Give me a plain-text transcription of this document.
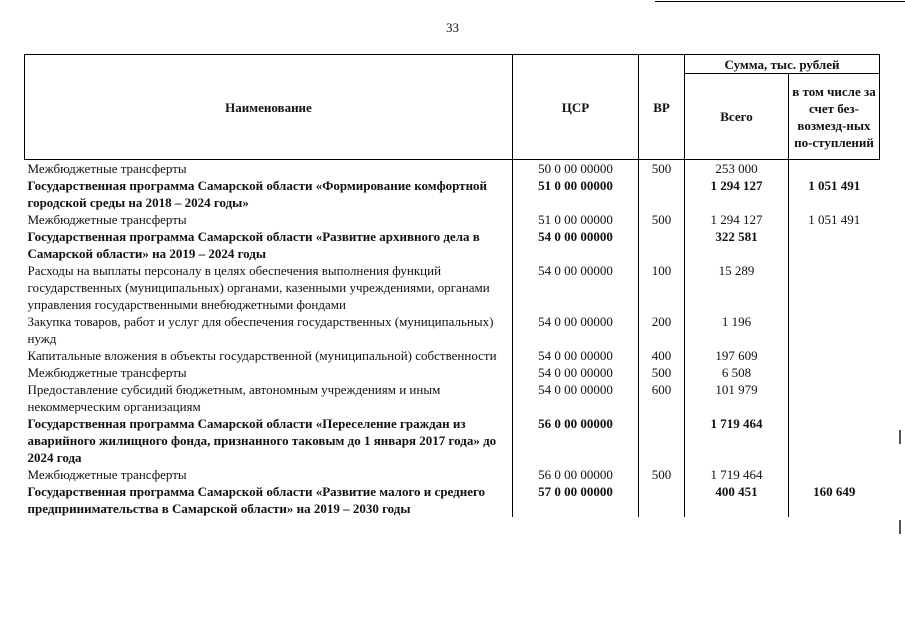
33
Наименование	ЦСР	ВР	Сумма, тыс. рублей	
			Всего	в том числе за счет без-возмезд-ных по-ступлений
Межбюджетные трансферты	50 0 00 00000	500	253 000	
Государственная программа Самарской области «Формирование комфортной городской среды на 2018 – 2024 годы»	51 0 00 00000		1 294 127	1 051 491
Межбюджетные трансферты	51 0 00 00000	500	1 294 127	1 051 491
Государственная программа Самарской области «Развитие архивного дела в Самарской области» на 2019 – 2024 годы	54 0 00 00000		322 581	
Расходы на выплаты персоналу в целях обеспечения выполнения функций государственных (муниципальных) органами, казенными учреждениями, органами управления государственными внебюджетными фондами	54 0 00 00000	100	15 289	
Закупка товаров, работ и услуг для обеспечения государственных (муниципальных) нужд	54 0 00 00000	200	1 196	
Капитальные вложения в объекты государственной (муниципальной) собственности	54 0 00 00000	400	197 609	
Межбюджетные трансферты	54 0 00 00000	500	6 508	
Предоставление субсидий бюджетным, автономным учреждениям и иным некоммерческим организациям	54 0 00 00000	600	101 979	
Государственная программа Самарской области «Переселение граждан из аварийного жилищного фонда, признанного таковым до 1 января 2017 года» до 2024 года	56 0 00 00000		1 719 464	
Межбюджетные трансферты	56 0 00 00000	500	1 719 464	
Государственная программа Самарской области «Развитие малого и среднего предпринимательства в Самарской области» на 2019 – 2030 годы	57 0 00 00000		400 451	160 649
